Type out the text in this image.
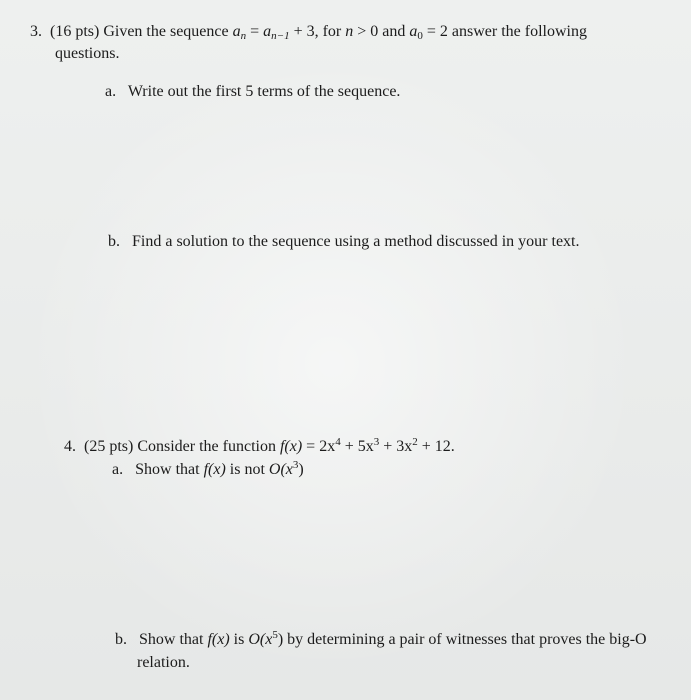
3. (16 pts) Given the sequence $a_n = a_{n-1} + 3$, for n > 0 and $a_0 = 2$ answer the following
questions.
a. Write out the first 5 terms of the sequence.
b. Find a solution to the sequence using a method discussed in your text.
4. (25 pts) Consider the function $f(x) = 2x^4 + 5x^3 + 3x^2 + 12$.
a. Show that f(x) is not $O(x^3)$
b. Show that f(x) is $O(x^5)$ by determining a pair of witnesses that proves the big-O
relation.
